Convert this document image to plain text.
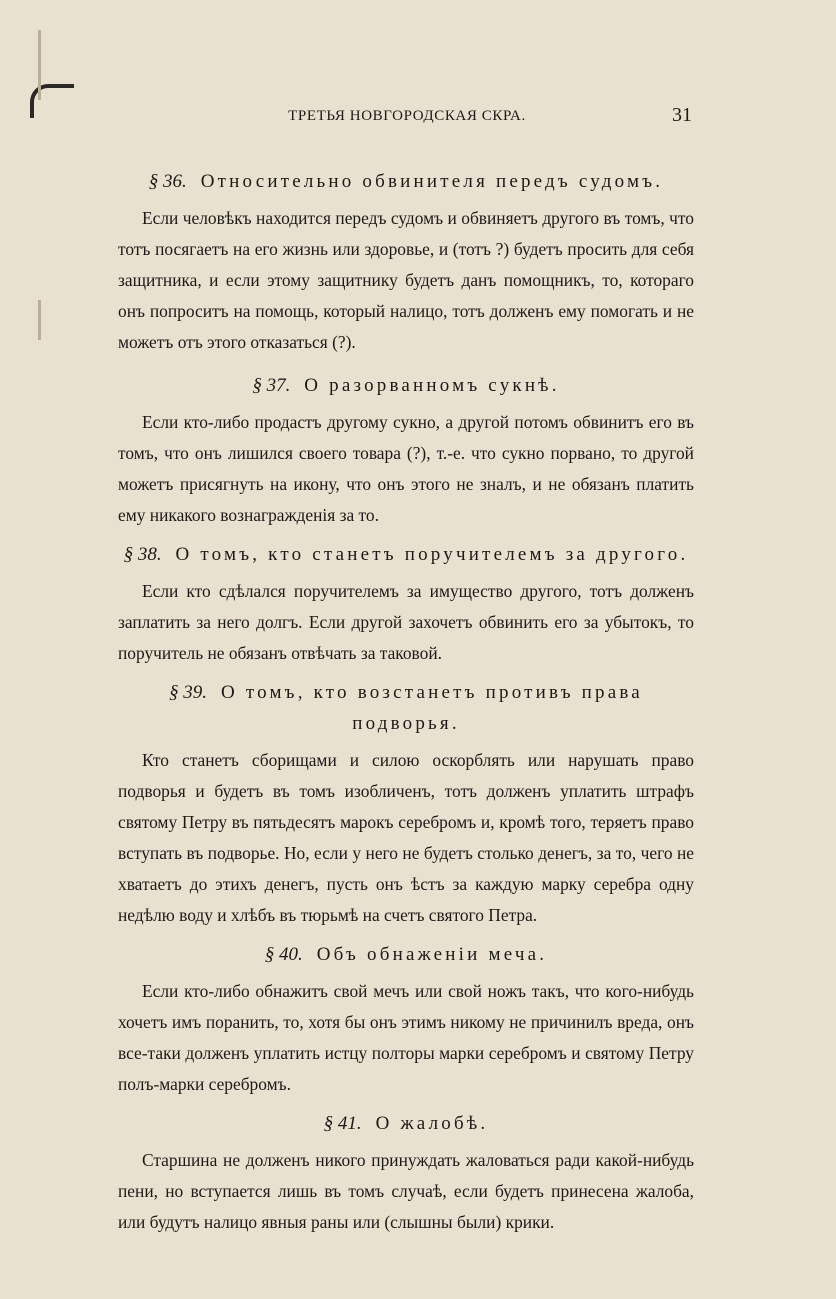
ТРЕТЬЯ НОВГОРОДСКАЯ СКРА.	31

§ 36. Относительно обвинителя передъ судомъ.

Если человѣкъ находится передъ судомъ и обвиняетъ другого въ томъ, что тотъ посягаетъ на его жизнь или здоровье, и (тотъ ?) будетъ просить для себя защитника, и если этому защитнику будетъ данъ помощникъ, то, котораго онъ попроситъ на помощь, который налицо, тотъ долженъ ему помогать и не можетъ отъ этого отказаться (?).

§ 37. О разорванномъ сукнѣ.

Если кто-либо продастъ другому сукно, а другой потомъ обвинитъ его въ томъ, что онъ лишился своего товара (?), т.-е. что сукно порвано, то другой можетъ присягнуть на икону, что онъ этого не зналъ, и не обязанъ платить ему никакого вознагражденія за то.

§ 38. О томъ, кто станетъ поручителемъ за другого.

Если кто сдѣлался поручителемъ за имущество другого, тотъ долженъ заплатить за него долгъ. Если другой захочетъ обвинить его за убытокъ, то поручитель не обязанъ отвѣчать за таковой.

§ 39. О томъ, кто возстанетъ противъ права подворья.

Кто станетъ сборищами и силою оскорблять или нарушать право подворья и будетъ въ томъ изобличенъ, тотъ долженъ уплатить штрафъ святому Петру въ пятьдесятъ марокъ серебромъ и, кромѣ того, теряетъ право вступать въ подворье. Но, если у него не будетъ столько денегъ, за то, чего не хватаетъ до этихъ денегъ, пусть онъ ѣстъ за каждую марку серебра одну недѣлю воду и хлѣбъ въ тюрьмѣ на счетъ святого Петра.

§ 40. Объ обнаженіи меча.

Если кто-либо обнажитъ свой мечъ или свой ножъ такъ, что кого-нибудь хочетъ имъ поранить, то, хотя бы онъ этимъ никому не причинилъ вреда, онъ все-таки долженъ уплатить истцу полторы марки серебромъ и святому Петру полъ-марки серебромъ.

§ 41. О жалобѣ.

Старшина не долженъ никого принуждать жаловаться ради какой-нибудь пени, но вступается лишь въ томъ случаѣ, если будетъ принесена жалоба, или будутъ налицо явныя раны или (слышны были) крики.
